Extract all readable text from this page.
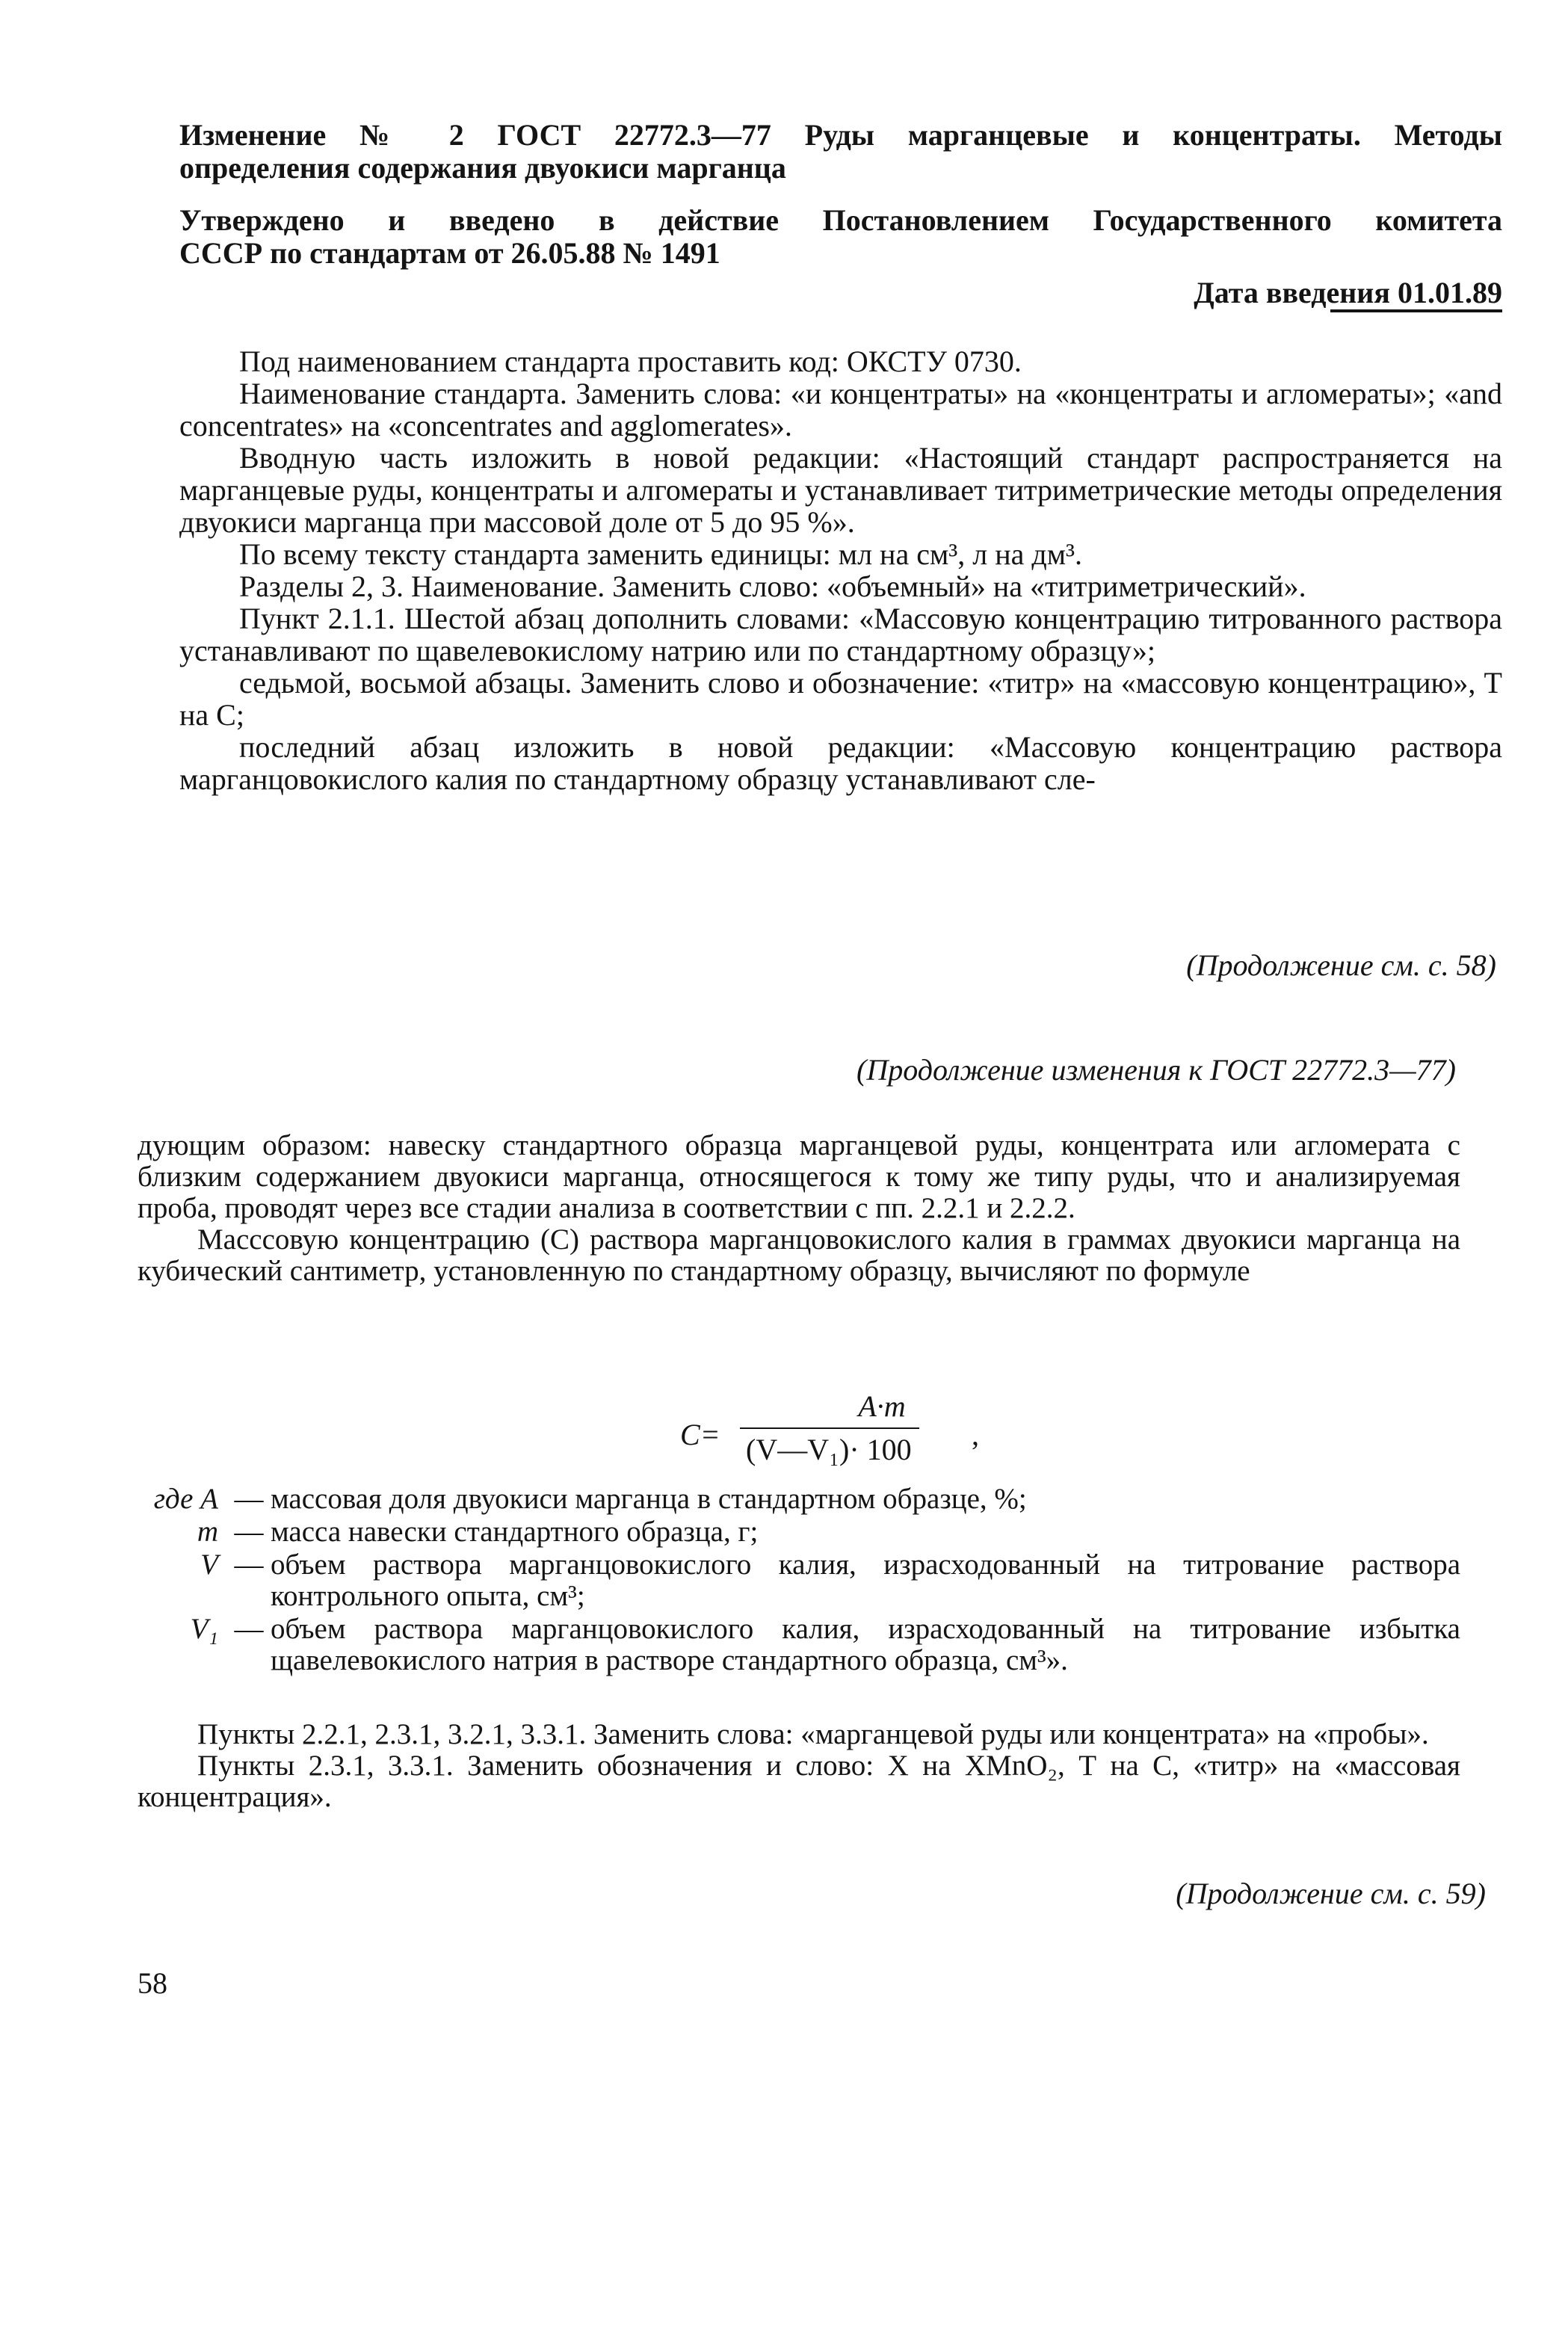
Изменение № 2 ГОСТ 22772.3—77 Руды марганцевые и концентраты. Методы
определения содержания двуокиси марганца
Утверждено и введено в действие Постановлением Государственного комитета
СССР по стандартам от 26.05.88 № 1491
Дата введения 01.01.89

Под наименованием стандарта проставить код: ОКСТУ 0730.

Наименование стандарта. Заменить слова: «и концентраты» на «концентраты и агломераты»; «and concentrates» на «concentrates and agglomerates».

Вводную часть изложить в новой редакции: «Настоящий стандарт распространяется на марганцевые руды, концентраты и алгомераты и устанавливает титриметрические методы определения двуокиси марганца при массовой доле от 5 до 95 %».

По всему тексту стандарта заменить единицы: мл на см³, л на дм³.

Разделы 2, 3. Наименование. Заменить слово: «объемный» на «титриметрический».

Пункт 2.1.1. Шестой абзац дополнить словами: «Массовую концентрацию титрованного раствора устанавливают по щавелевокислому натрию или по стандартному образцу»;

седьмой, восьмой абзацы. Заменить слово и обозначение: «титр» на «массовую концентрацию», Т на С;

последний абзац изложить в новой редакции: «Массовую концентрацию раствора марганцовокислого калия по стандартному образцу устанавливают сле-

(Продолжение см. с. 58)
(Продолжение изменения к ГОСТ 22772.3—77)

дующим образом: навеску стандартного образца марганцевой руды, концентрата или агломерата с близким содержанием двуокиси марганца, относящегося к тому же типу руды, что и анализируемая проба, проводят через все стадии анализа в соответствии с пп. 2.2.1 и 2.2.2.

Масссовую концентрацию (С) раствора марганцовокислого калия в граммах двуокиси марганца на кубический сантиметр, установленную по стандартному образцу, вычисляют по формуле

C=
A·m
(V—V₁)· 100	,
где A — массовая доля двуокиси марганца в стандартном образце, %;
m — масса навески стандартного образца, г;
V — объем раствора марганцовокислого калия, израсходованный на титрование раствора контрольного опыта, см³;
V₁ — объем раствора марганцовокислого калия, израсходованный на титрование избытка щавелевокислого натрия в растворе стандартного образца, см³».

Пункты 2.2.1, 2.3.1, 3.2.1, 3.3.1. Заменить слова: «марганцевой руды или концентрата» на «пробы».

Пункты 2.3.1, 3.3.1. Заменить обозначения и слово: X на XMnO₂, Т на С, «титр» на «массовая концентрация».

(Продолжение см. с. 59)
58
